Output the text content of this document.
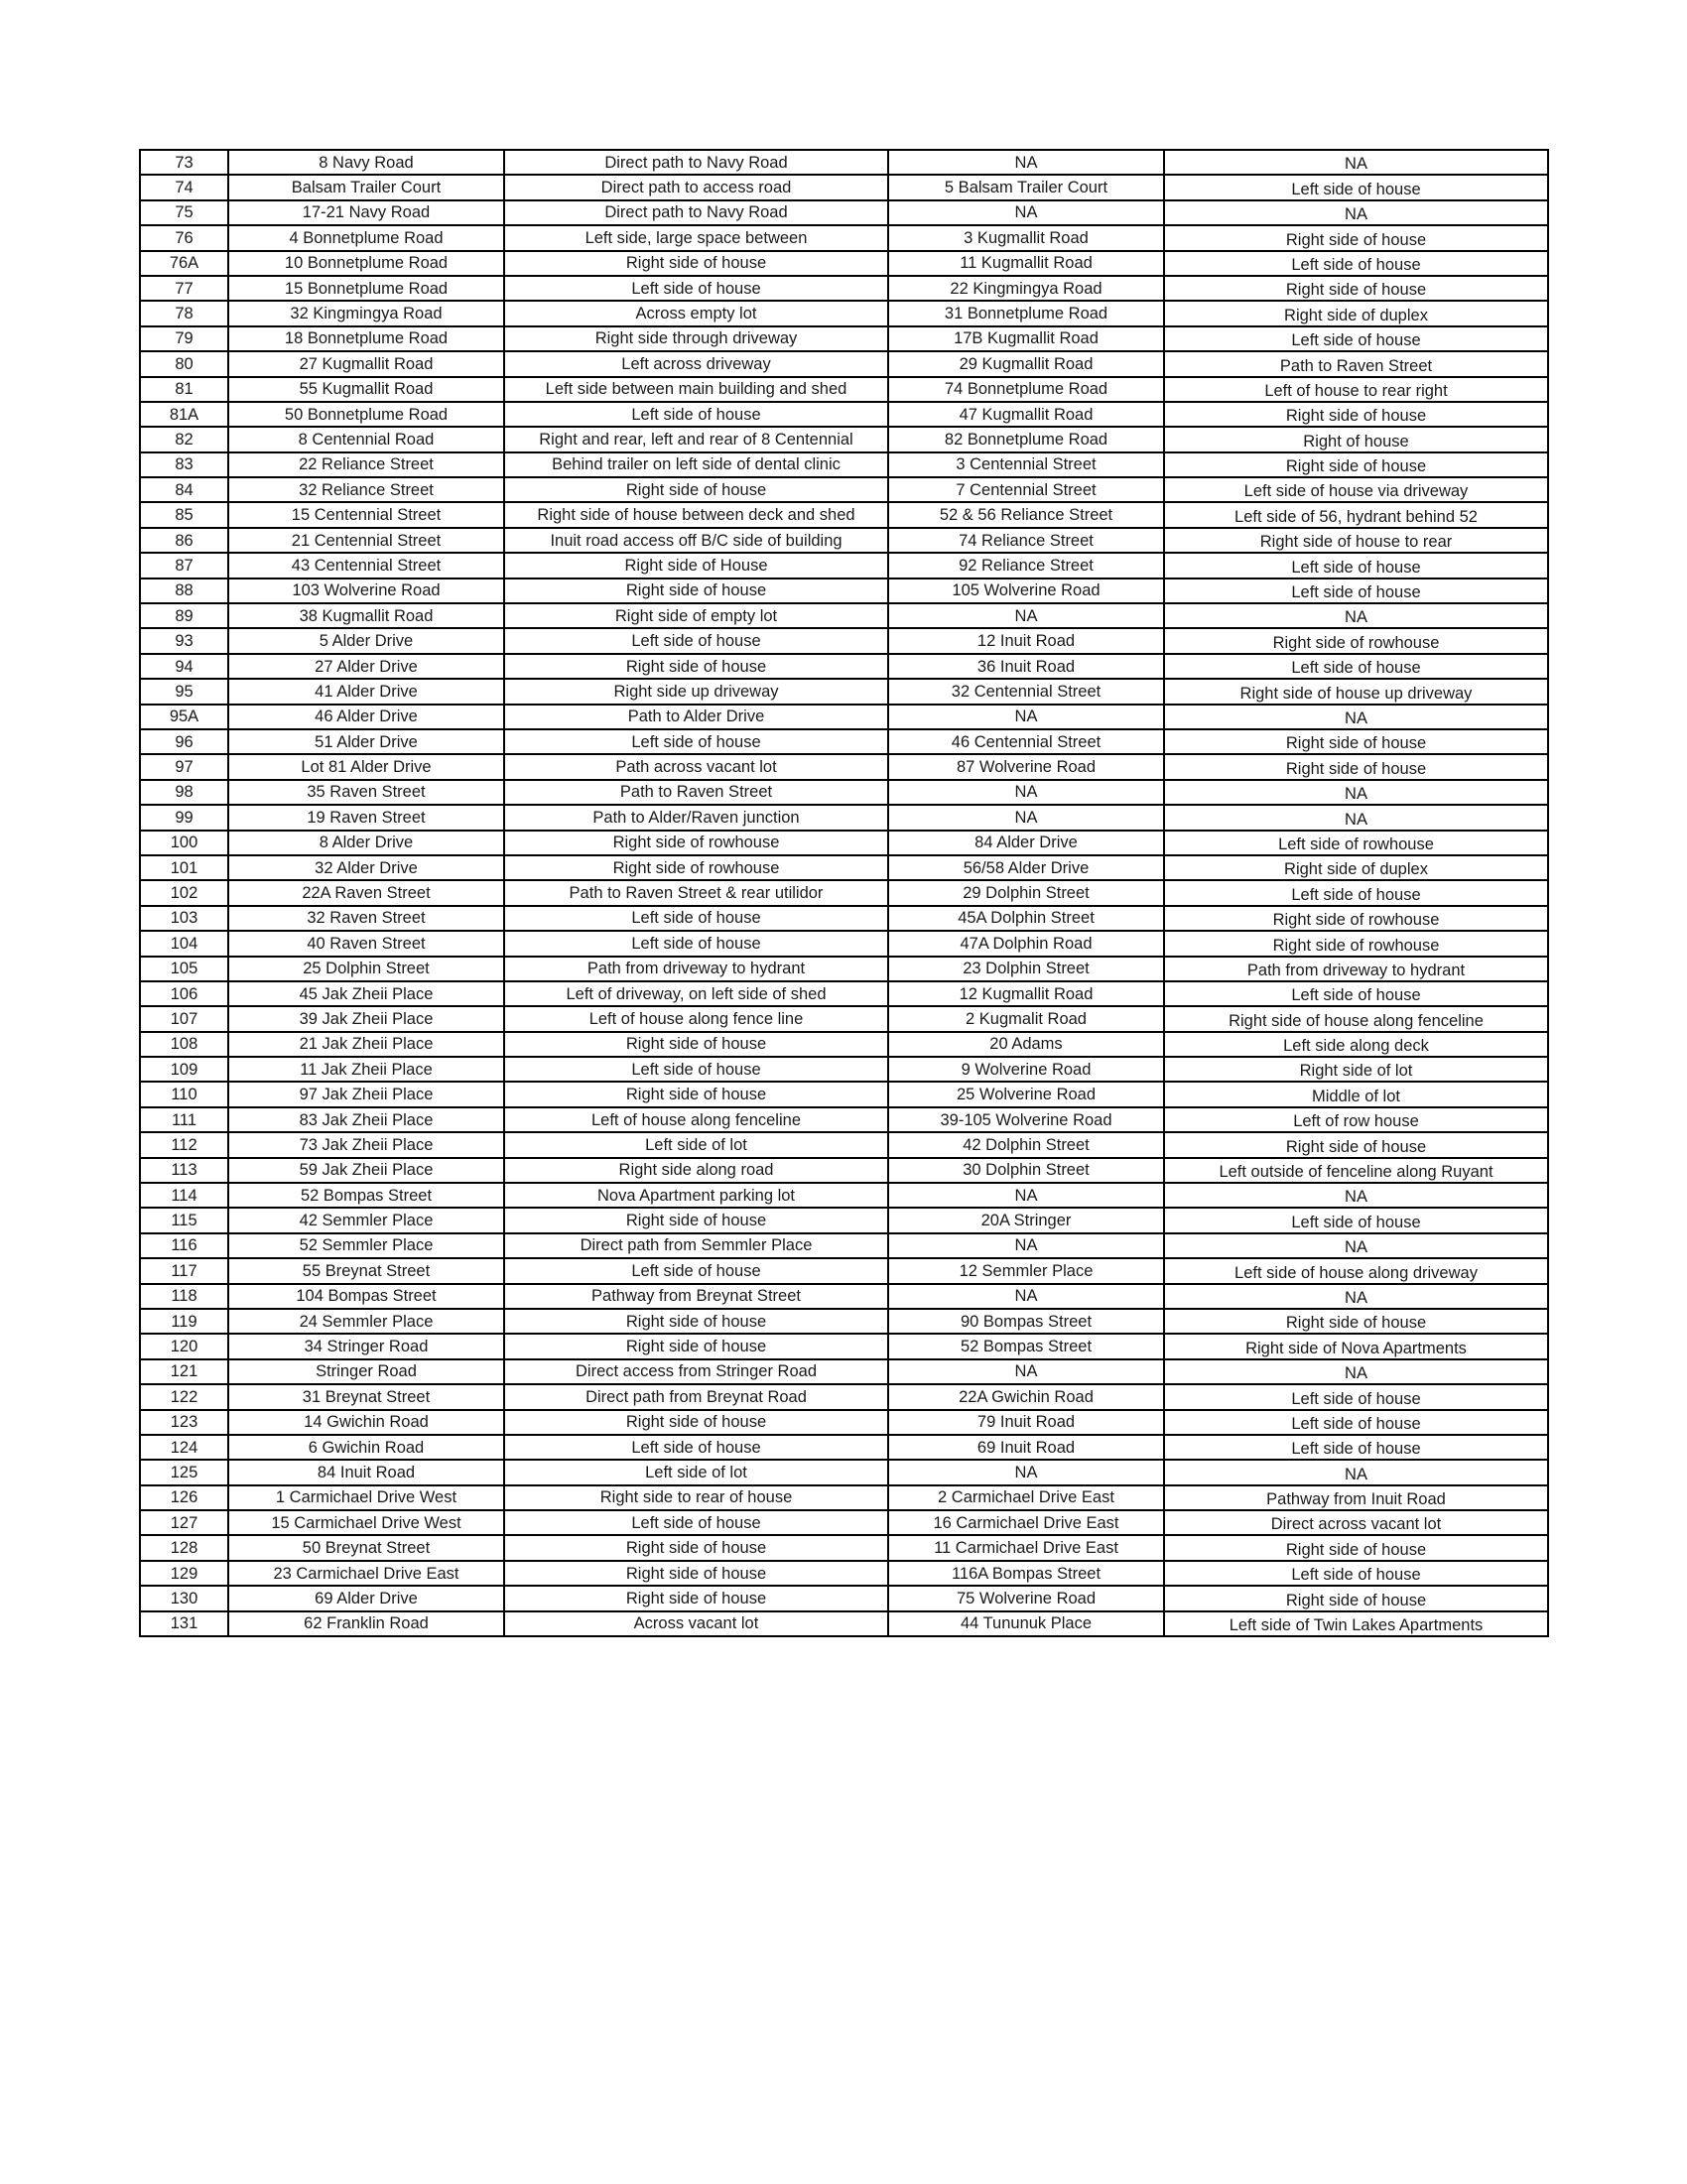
73	8 Navy Road	Direct path to Navy Road	NA	NA
74	Balsam Trailer Court	Direct path to access road	5 Balsam Trailer Court	Left side of house
75	17-21 Navy Road	Direct path to Navy Road	NA	NA
76	4 Bonnetplume Road	Left side, large space between	3 Kugmallit Road	Right side of house
76A	10 Bonnetplume Road	Right side of house	11 Kugmallit Road	Left side of house
77	15 Bonnetplume Road	Left side of house	22 Kingmingya Road	Right side of house
78	32 Kingmingya Road	Across empty lot	31 Bonnetplume Road	Right side of duplex
79	18 Bonnetplume Road	Right side through driveway	17B Kugmallit Road	Left side of house
80	27 Kugmallit Road	Left across driveway	29 Kugmallit Road	Path to Raven Street
81	55 Kugmallit Road	Left side between main building and shed	74 Bonnetplume Road	Left of house to rear right
81A	50 Bonnetplume Road	Left side of house	47 Kugmallit Road	Right side of house
82	8 Centennial Road	Right and rear, left and rear of 8 Centennial	82 Bonnetplume Road	Right of house
83	22 Reliance Street	Behind trailer on left side of dental clinic	3 Centennial Street	Right side of house
84	32 Reliance Street	Right side of house	7 Centennial Street	Left side of house via driveway
85	15 Centennial Street	Right side of house between deck and shed	52 & 56 Reliance Street	Left side of 56, hydrant behind 52
86	21 Centennial Street	Inuit road access off B/C side of building	74 Reliance Street	Right side of house to rear
87	43 Centennial Street	Right side of House	92 Reliance Street	Left side of house
88	103 Wolverine Road	Right side of house	105 Wolverine Road	Left side of house
89	38 Kugmallit Road	Right side of empty lot	NA	NA
93	5 Alder Drive	Left side of house	12 Inuit Road	Right side of rowhouse
94	27 Alder Drive	Right side of house	36 Inuit Road	Left side of house
95	41 Alder Drive	Right side up driveway	32 Centennial Street	Right side of house up driveway
95A	46 Alder Drive	Path to Alder Drive	NA	NA
96	51 Alder Drive	Left side of house	46 Centennial Street	Right side of house
97	Lot 81 Alder Drive	Path across vacant lot	87 Wolverine Road	Right side of house
98	35 Raven Street	Path to Raven Street	NA	NA
99	19 Raven Street	Path to Alder/Raven junction	NA	NA
100	8 Alder Drive	Right side of rowhouse	84 Alder Drive	Left side of rowhouse
101	32 Alder Drive	Right side of rowhouse	56/58 Alder Drive	Right side of duplex
102	22A Raven Street	Path to Raven Street & rear utilidor	29 Dolphin Street	Left side of house
103	32 Raven Street	Left side of house	45A Dolphin Street	Right side of rowhouse
104	40 Raven Street	Left side of house	47A Dolphin Road	Right side of rowhouse
105	25 Dolphin Street	Path from driveway to hydrant	23 Dolphin Street	Path from driveway to hydrant
106	45 Jak Zheii Place	Left of driveway, on left side of shed	12 Kugmallit Road	Left side of house
107	39 Jak Zheii Place	Left of house along fence line	2 Kugmalit Road	Right side of house along fenceline
108	21 Jak Zheii Place	Right side of house	20 Adams	Left side along deck
109	11 Jak Zheii Place	Left side of house	9 Wolverine Road	Right side of lot
110	97 Jak Zheii Place	Right side of house	25 Wolverine Road	Middle of lot
111	83 Jak Zheii Place	Left of house along fenceline	39-105 Wolverine Road	Left of row house
112	73 Jak Zheii Place	Left side of lot	42 Dolphin Street	Right side of house
113	59 Jak Zheii Place	Right side along road	30 Dolphin Street	Left outside of fenceline along Ruyant
114	52 Bompas Street	Nova Apartment parking lot	NA	NA
115	42 Semmler Place	Right side of house	20A Stringer	Left side of house
116	52 Semmler Place	Direct path from Semmler Place	NA	NA
117	55 Breynat Street	Left side of house	12 Semmler Place	Left side of house along driveway
118	104 Bompas Street	Pathway from Breynat Street	NA	NA
119	24 Semmler Place	Right side of house	90 Bompas Street	Right side of house
120	34 Stringer Road	Right side of house	52 Bompas Street	Right side of Nova Apartments
121	Stringer Road	Direct access from Stringer Road	NA	NA
122	31 Breynat Street	Direct path from Breynat Road	22A Gwichin Road	Left side of house
123	14 Gwichin Road	Right side of house	79 Inuit Road	Left side of house
124	6 Gwichin Road	Left side of house	69 Inuit Road	Left side of house
125	84 Inuit Road	Left side of lot	NA	NA
126	1 Carmichael Drive West	Right side to rear of house	2 Carmichael Drive East	Pathway from Inuit Road
127	15 Carmichael Drive West	Left side of house	16 Carmichael Drive East	Direct across vacant lot
128	50 Breynat Street	Right side of house	11 Carmichael Drive East	Right side of house
129	23 Carmichael Drive East	Right side of house	116A Bompas Street	Left side of house
130	69 Alder Drive	Right side of house	75 Wolverine Road	Right side of house
131	62 Franklin Road	Across vacant lot	44 Tununuk Place	Left side of Twin Lakes Apartments
